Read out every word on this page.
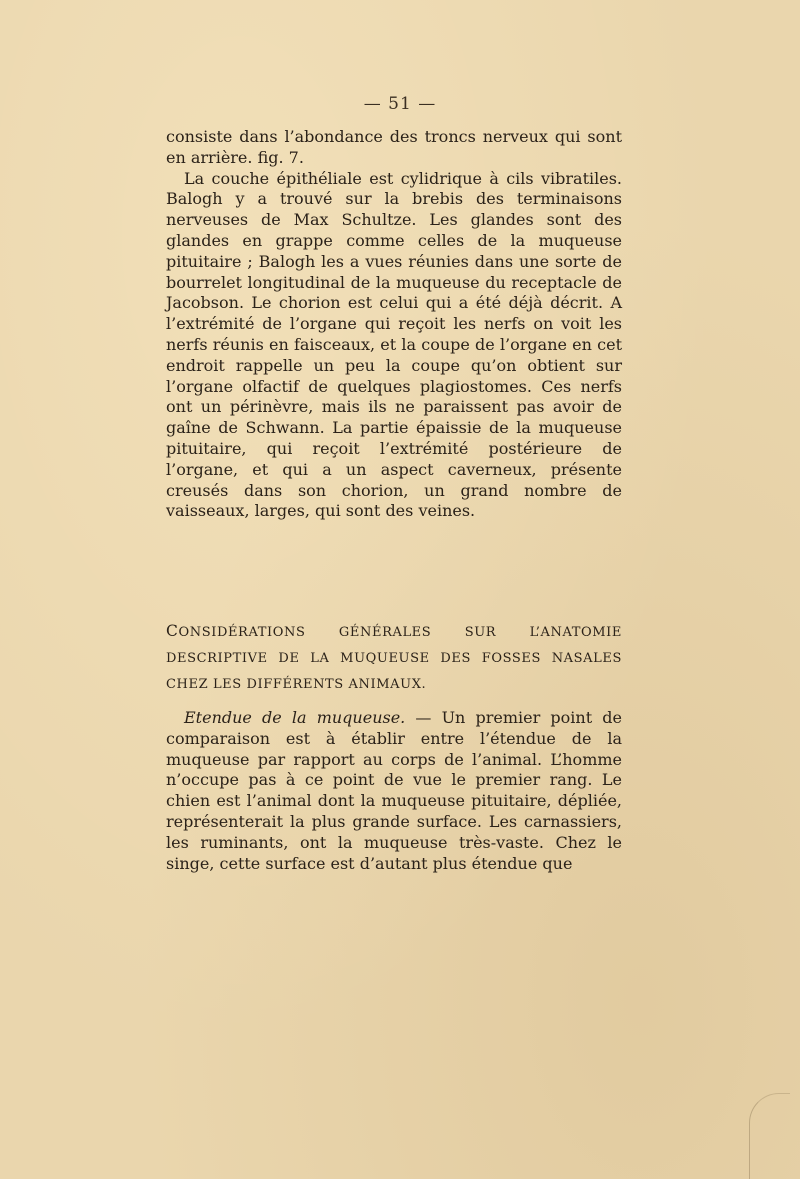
— 51 —

consiste dans l’abondance des troncs nerveux qui sont en arrière. fig. 7.

La couche épithéliale est cylidrique à cils vibratiles. Balogh y a trouvé sur la brebis des terminaisons nerveuses de Max Schultze. Les glandes sont des glandes en grappe comme celles de la muqueuse pituitaire ; Balogh les a vues réunies dans une sorte de bourrelet longitudinal de la muqueuse du receptacle de Jacobson. Le chorion est celui qui a été déjà décrit. A l’extrémité de l’organe qui reçoit les nerfs on voit les nerfs réunis en faisceaux, et la coupe de l’organe en cet endroit rappelle un peu la coupe qu’on obtient sur l’organe olfactif de quelques plagiostomes. Ces nerfs ont un périnèvre, mais ils ne paraissent pas avoir de gaîne de Schwann. La partie épaissie de la muqueuse pituitaire, qui reçoit l’extrémité postérieure de l’organe, et qui a un aspect caverneux, présente creusés dans son chorion, un grand nombre de vaisseaux, larges, qui sont des veines.

CONSIDÉRATIONS GÉNÉRALES SUR L’ANATOMIE DESCRIPTIVE DE LA MUQUEUSE DES FOSSES NASALES CHEZ LES DIFFÉRENTS ANIMAUX.

Etendue de la muqueuse. — Un premier point de comparaison est à établir entre l’étendue de la muqueuse par rapport au corps de l’animal. L’homme n’occupe pas à ce point de vue le premier rang. Le chien est l’animal dont la muqueuse pituitaire, dépliée, représenterait la plus grande surface. Les carnassiers, les ruminants, ont la muqueuse très-vaste. Chez le singe, cette surface est d’autant plus étendue que
